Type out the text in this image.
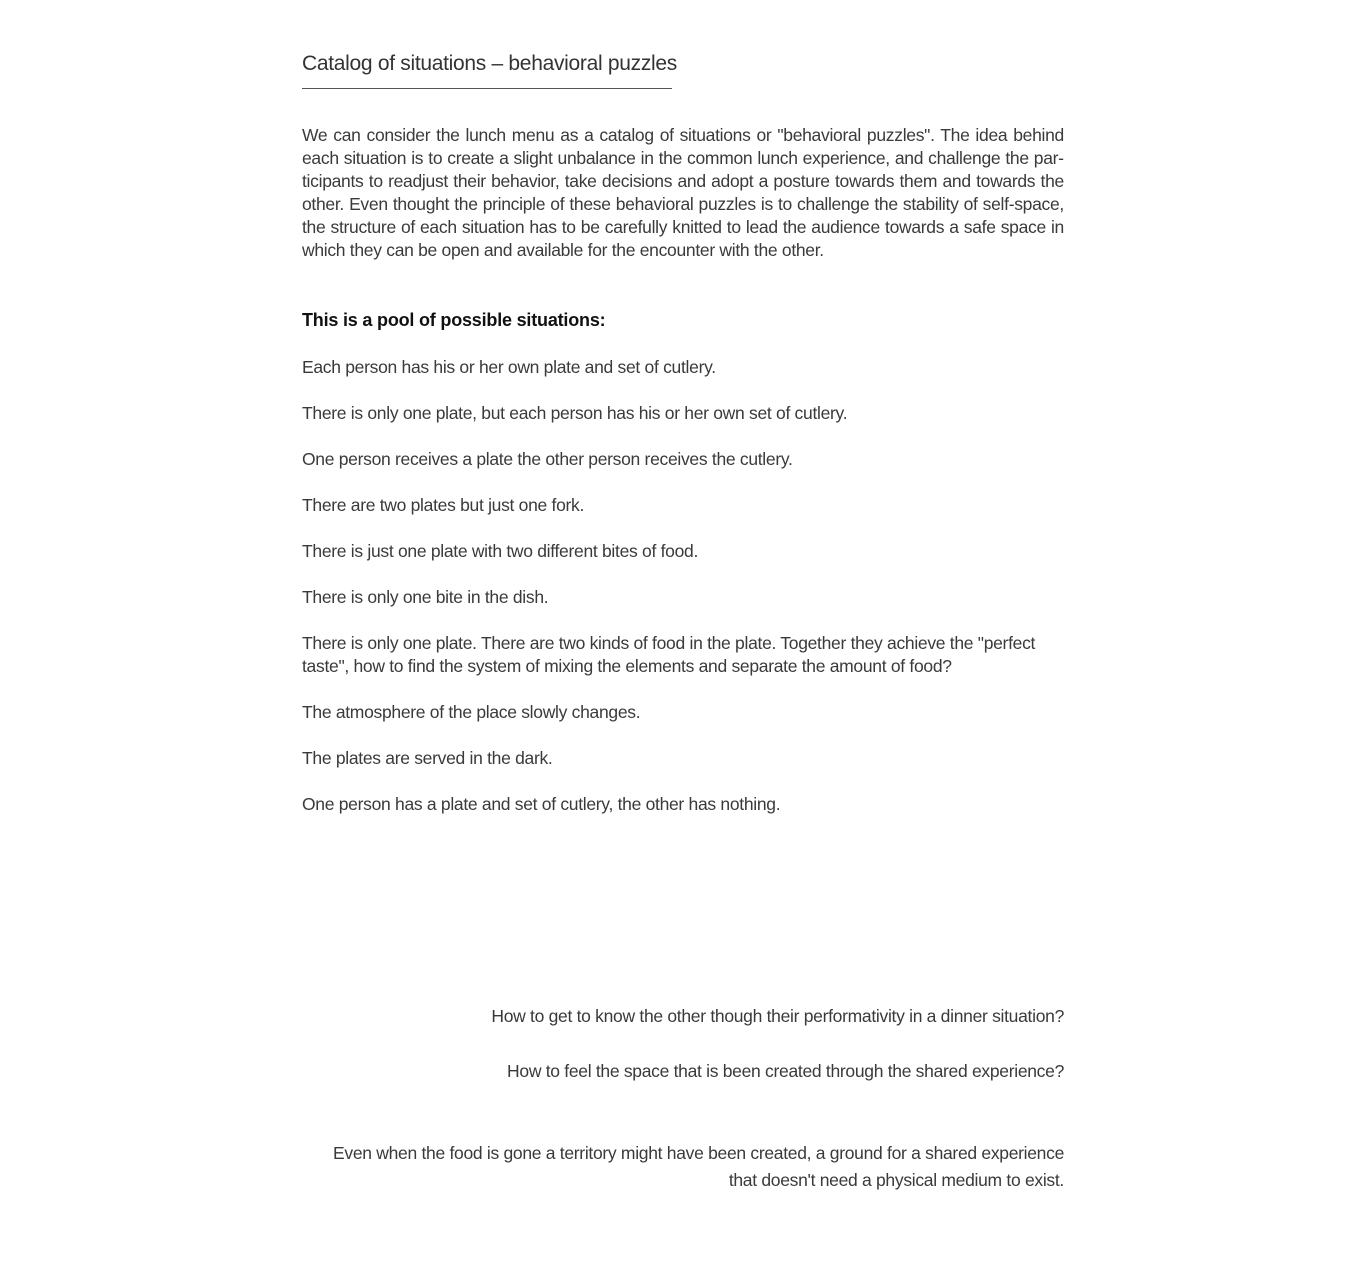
Catalog of situations – behavioral puzzles

We can consider the lunch menu as a catalog of situations or "behavioral puzzles". The idea behind each situation is to create a slight unbalance in the common lunch experience, and challenge the participants to readjust their behavior, take decisions and adopt a posture towards them and towards the other. Even thought the principle of these behavioral puzzles is to challenge the stability of self-space, the structure of each situation has to be carefully knitted to lead the audience towards a safe space in which they can be open and available for the encounter with the other.

This is a pool of possible situations:
Each person has his or her own plate and set of cutlery.
There is only one plate, but each person has his or her own set of cutlery.
One person receives a plate the other person receives the cutlery.
There are two plates but just one fork.
There is just one plate with two different bites of food.
There is only one bite in the dish.
There is only one plate. There are two kinds of food in the plate. Together they achieve the "perfect taste", how to find the system of mixing the elements and separate the amount of food?
The atmosphere of the place slowly changes.
The plates are served in the dark.
One person has a plate and set of cutlery, the other has nothing.

How to get to know the other though their performativity in a dinner situation?

How to feel the space that is been created through the shared experience?

Even when the food is gone a territory might have been created, a ground for a shared experience that doesn't need a physical medium to exist.
